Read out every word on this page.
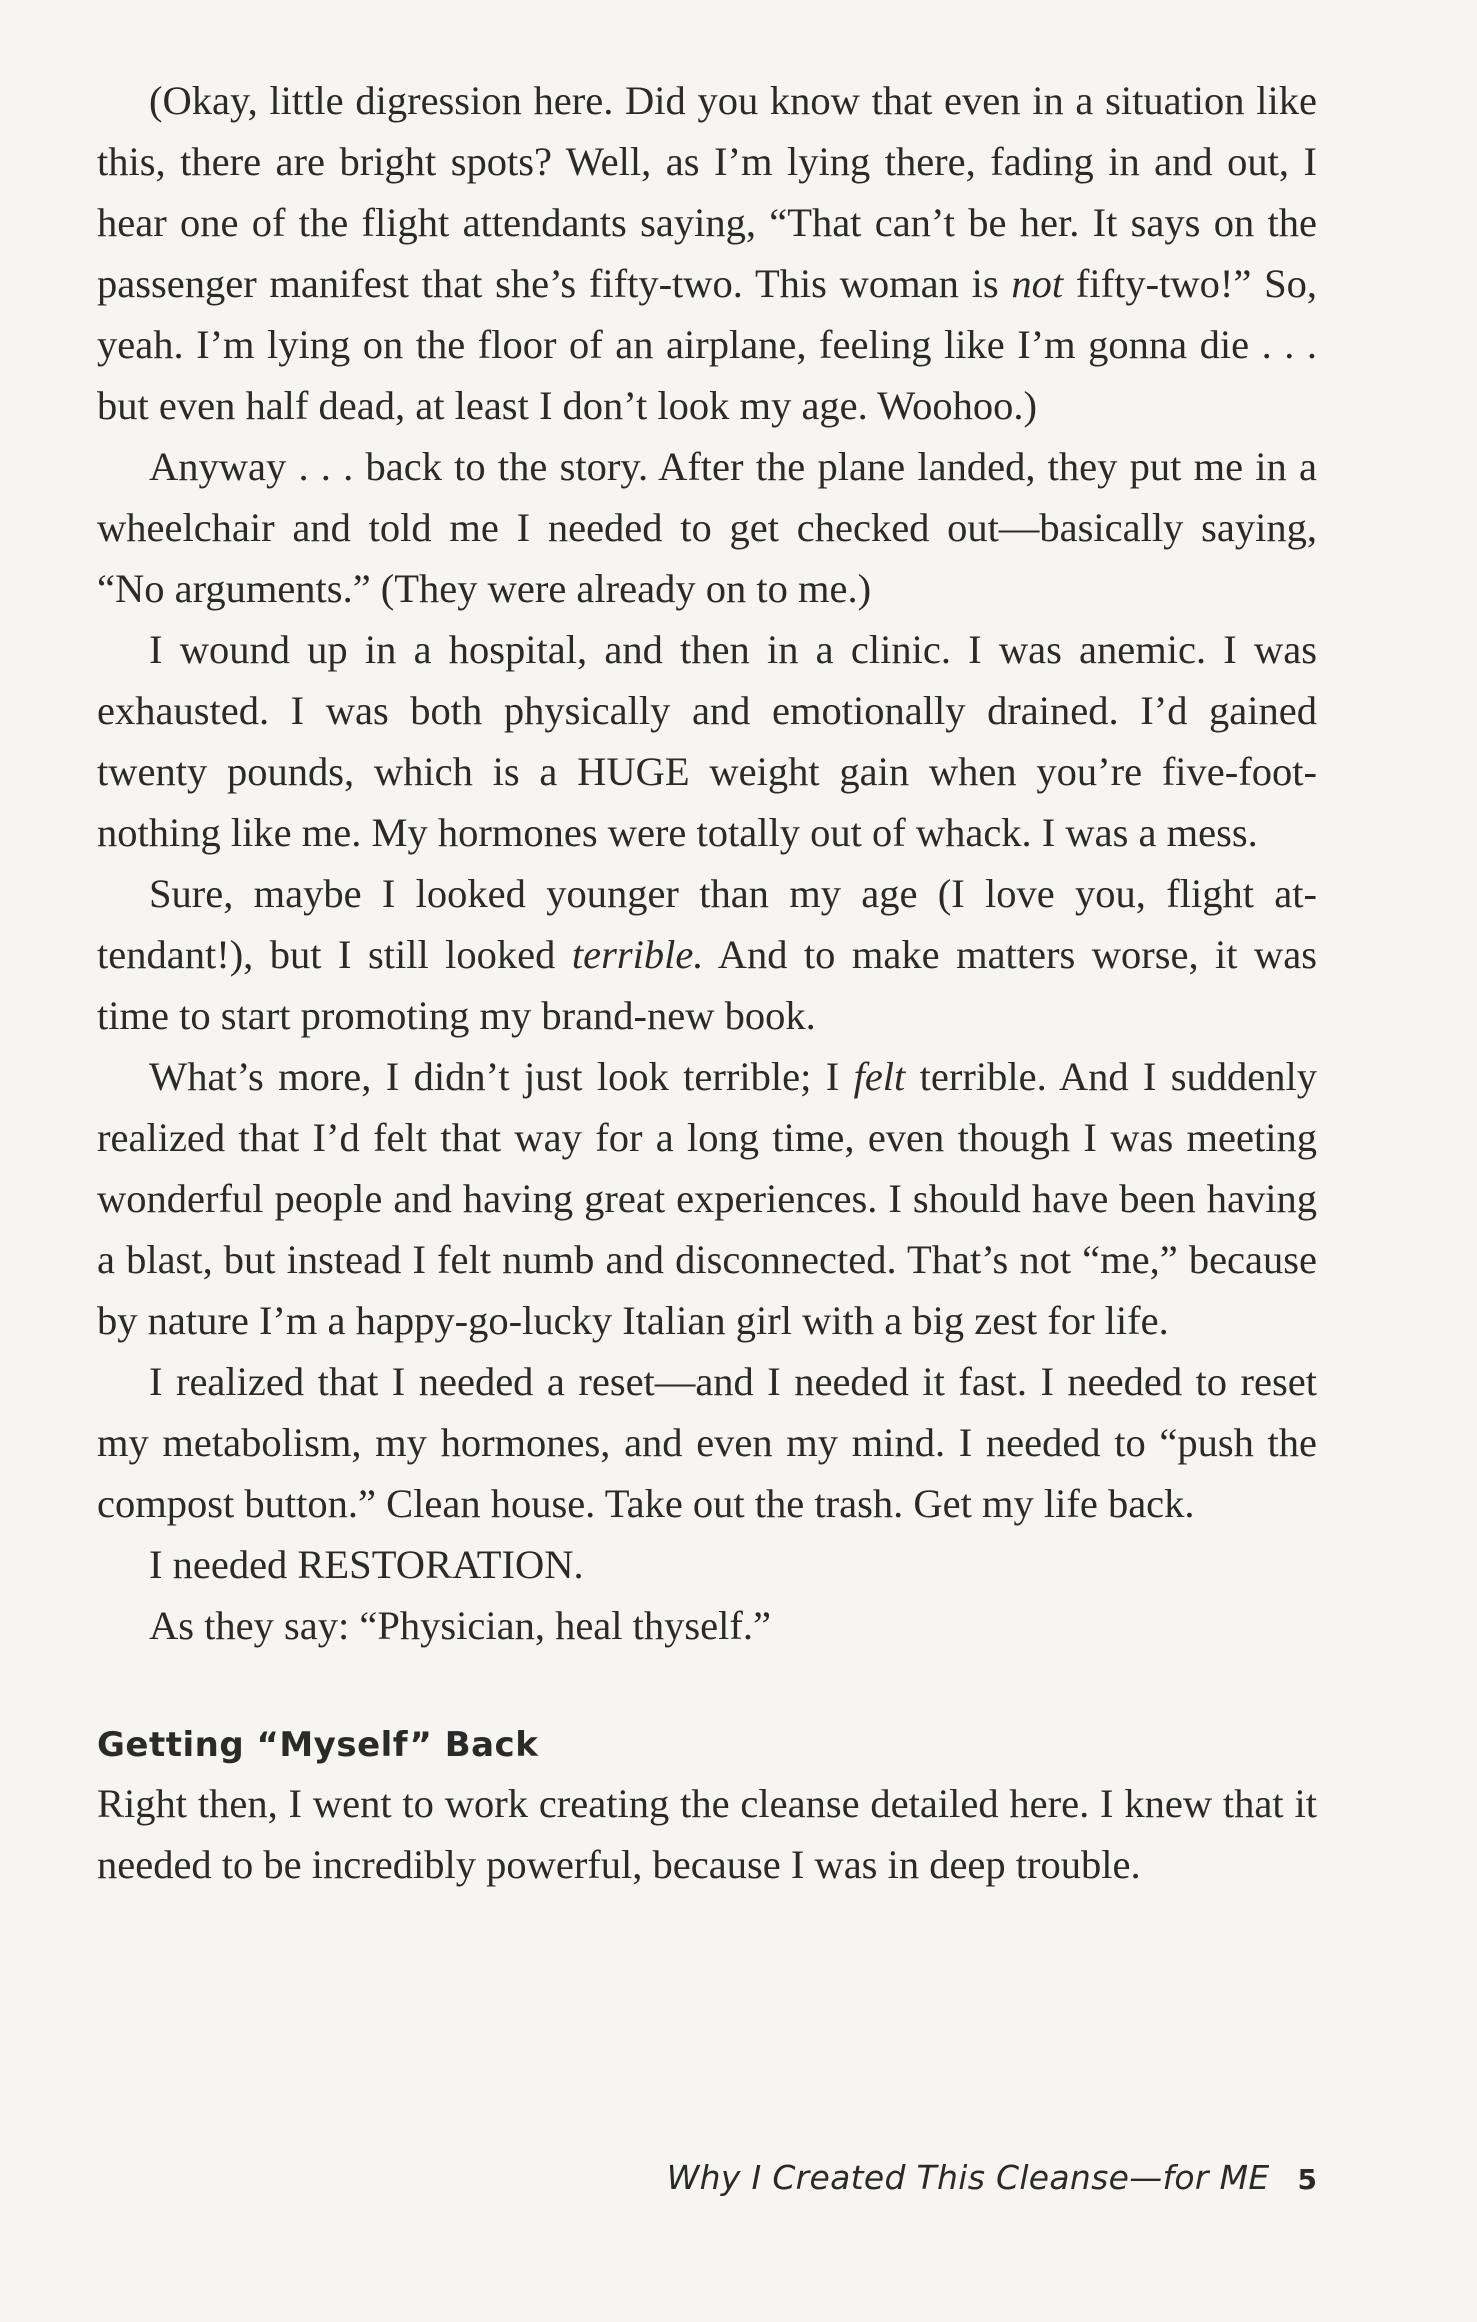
(Okay, little digression here. Did you know that even in a situation like this, there are bright spots? Well, as I’m lying there, fading in and out, I hear one of the flight attendants saying, “That can’t be her. It says on the passenger manifest that she’s fifty-two. This woman is not fifty-two!” So, yeah. I’m lying on the floor of an airplane, feeling like I’m gonna die . . . but even half dead, at least I don’t look my age. Woohoo.)

Anyway . . . back to the story. After the plane landed, they put me in a wheelchair and told me I needed to get checked out—basically saying, “No arguments.” (They were already on to me.)

I wound up in a hospital, and then in a clinic. I was anemic. I was exhausted. I was both physically and emotionally drained. I’d gained twenty pounds, which is a HUGE weight gain when you’re five-foot-nothing like me. My hormones were totally out of whack. I was a mess.

Sure, maybe I looked younger than my age (I love you, flight attendant!), but I still looked terrible. And to make matters worse, it was time to start promoting my brand-new book.

What’s more, I didn’t just look terrible; I felt terrible. And I suddenly realized that I’d felt that way for a long time, even though I was meeting wonderful people and having great experiences. I should have been having a blast, but instead I felt numb and disconnected. That’s not “me,” because by nature I’m a happy-go-lucky Italian girl with a big zest for life.

I realized that I needed a reset—and I needed it fast. I needed to reset my metabolism, my hormones, and even my mind. I needed to “push the compost button.” Clean house. Take out the trash. Get my life back.

I needed RESTORATION.

As they say: “Physician, heal thyself.”

Getting “Myself” Back

Right then, I went to work creating the cleanse detailed here. I knew that it needed to be incredibly powerful, because I was in deep trouble.

Why I Created This Cleanse—for ME 5
